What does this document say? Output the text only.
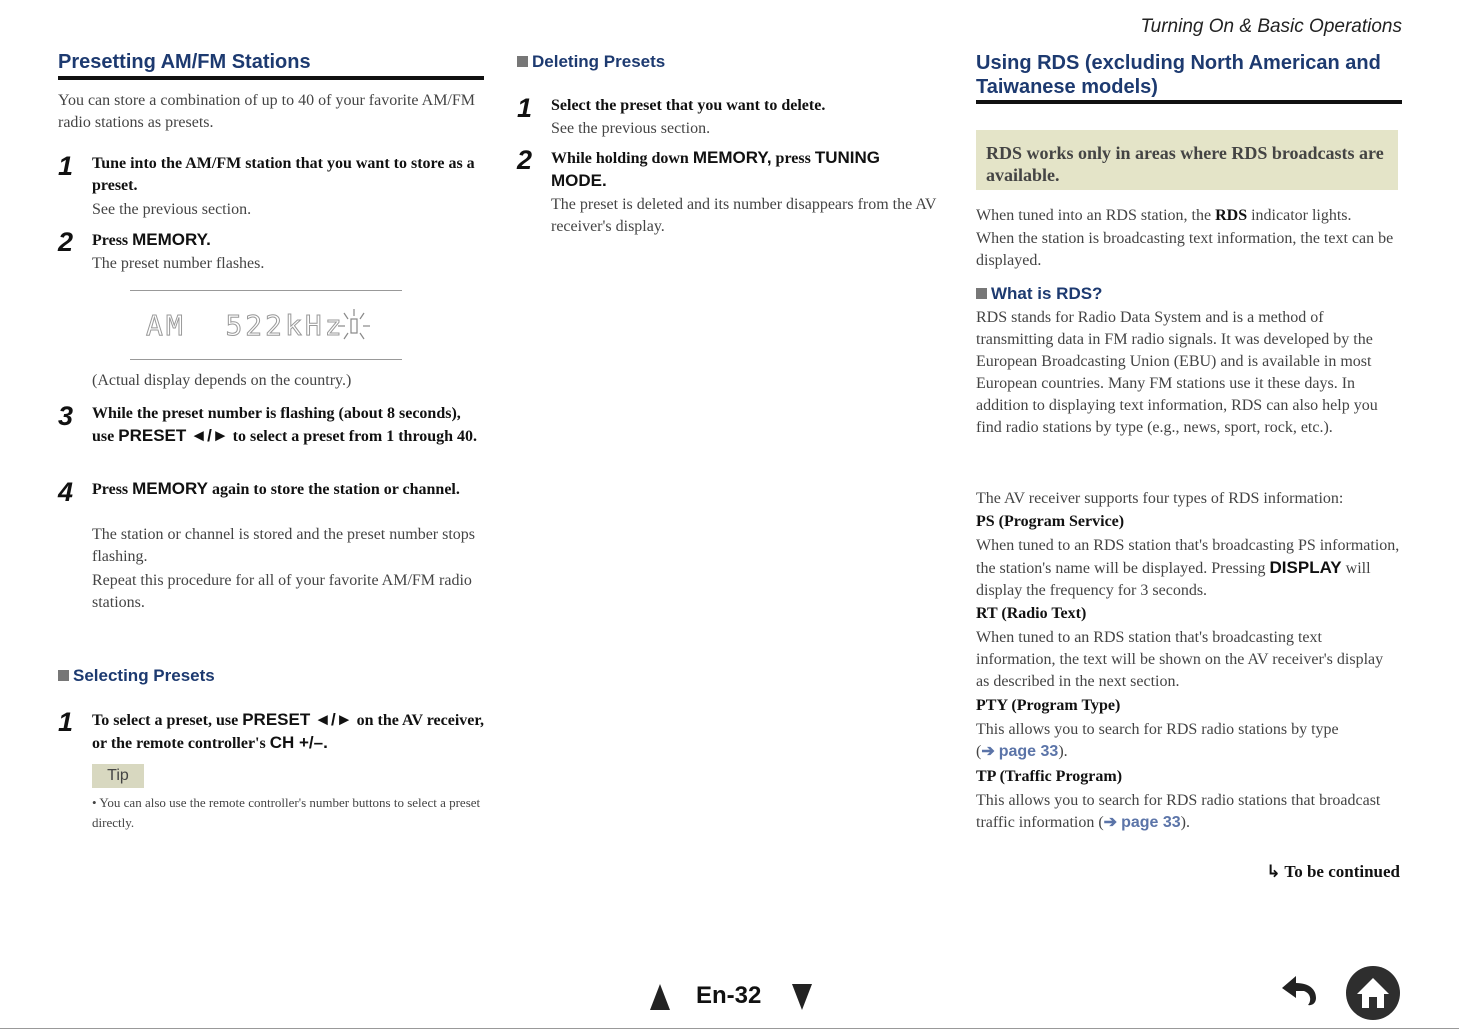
Turning On & Basic Operations
Presetting AM/FM Stations
You can store a combination of up to 40 of your favorite AM/FM radio stations as presets.
1 Tune into the AM/FM station that you want to store as a preset.
See the previous section.
2 Press MEMORY.
The preset number flashes.
AM 522kHz
(Actual display depends on the country.)
3 While the preset number is flashing (about 8 seconds), use PRESET ◄/► to select a preset from 1 through 40.
4 Press MEMORY again to store the station or channel.
The station or channel is stored and the preset number stops flashing.
Repeat this procedure for all of your favorite AM/FM radio stations.
Selecting Presets
1 To select a preset, use PRESET ◄/► on the AV receiver, or the remote controller's CH +/–.
Tip
• You can also use the remote controller's number buttons to select a preset directly.
Deleting Presets
1 Select the preset that you want to delete.
See the previous section.
2 While holding down MEMORY, press TUNING MODE.
The preset is deleted and its number disappears from the AV receiver's display.
Using RDS (excluding North American and Taiwanese models)
RDS works only in areas where RDS broadcasts are available.
When tuned into an RDS station, the RDS indicator lights.
When the station is broadcasting text information, the text can be displayed.
What is RDS?
RDS stands for Radio Data System and is a method of transmitting data in FM radio signals. It was developed by the European Broadcasting Union (EBU) and is available in most European countries. Many FM stations use it these days. In addition to displaying text information, RDS can also help you find radio stations by type (e.g., news, sport, rock, etc.).
The AV receiver supports four types of RDS information:
PS (Program Service)
When tuned to an RDS station that's broadcasting PS information, the station's name will be displayed. Pressing DISPLAY will display the frequency for 3 seconds.
RT (Radio Text)
When tuned to an RDS station that's broadcasting text information, the text will be shown on the AV receiver's display as described in the next section.
PTY (Program Type)
This allows you to search for RDS radio stations by type
(➔ page 33).
TP (Traffic Program)
This allows you to search for RDS radio stations that broadcast traffic information (➔ page 33).
↳ To be continued
En-32
